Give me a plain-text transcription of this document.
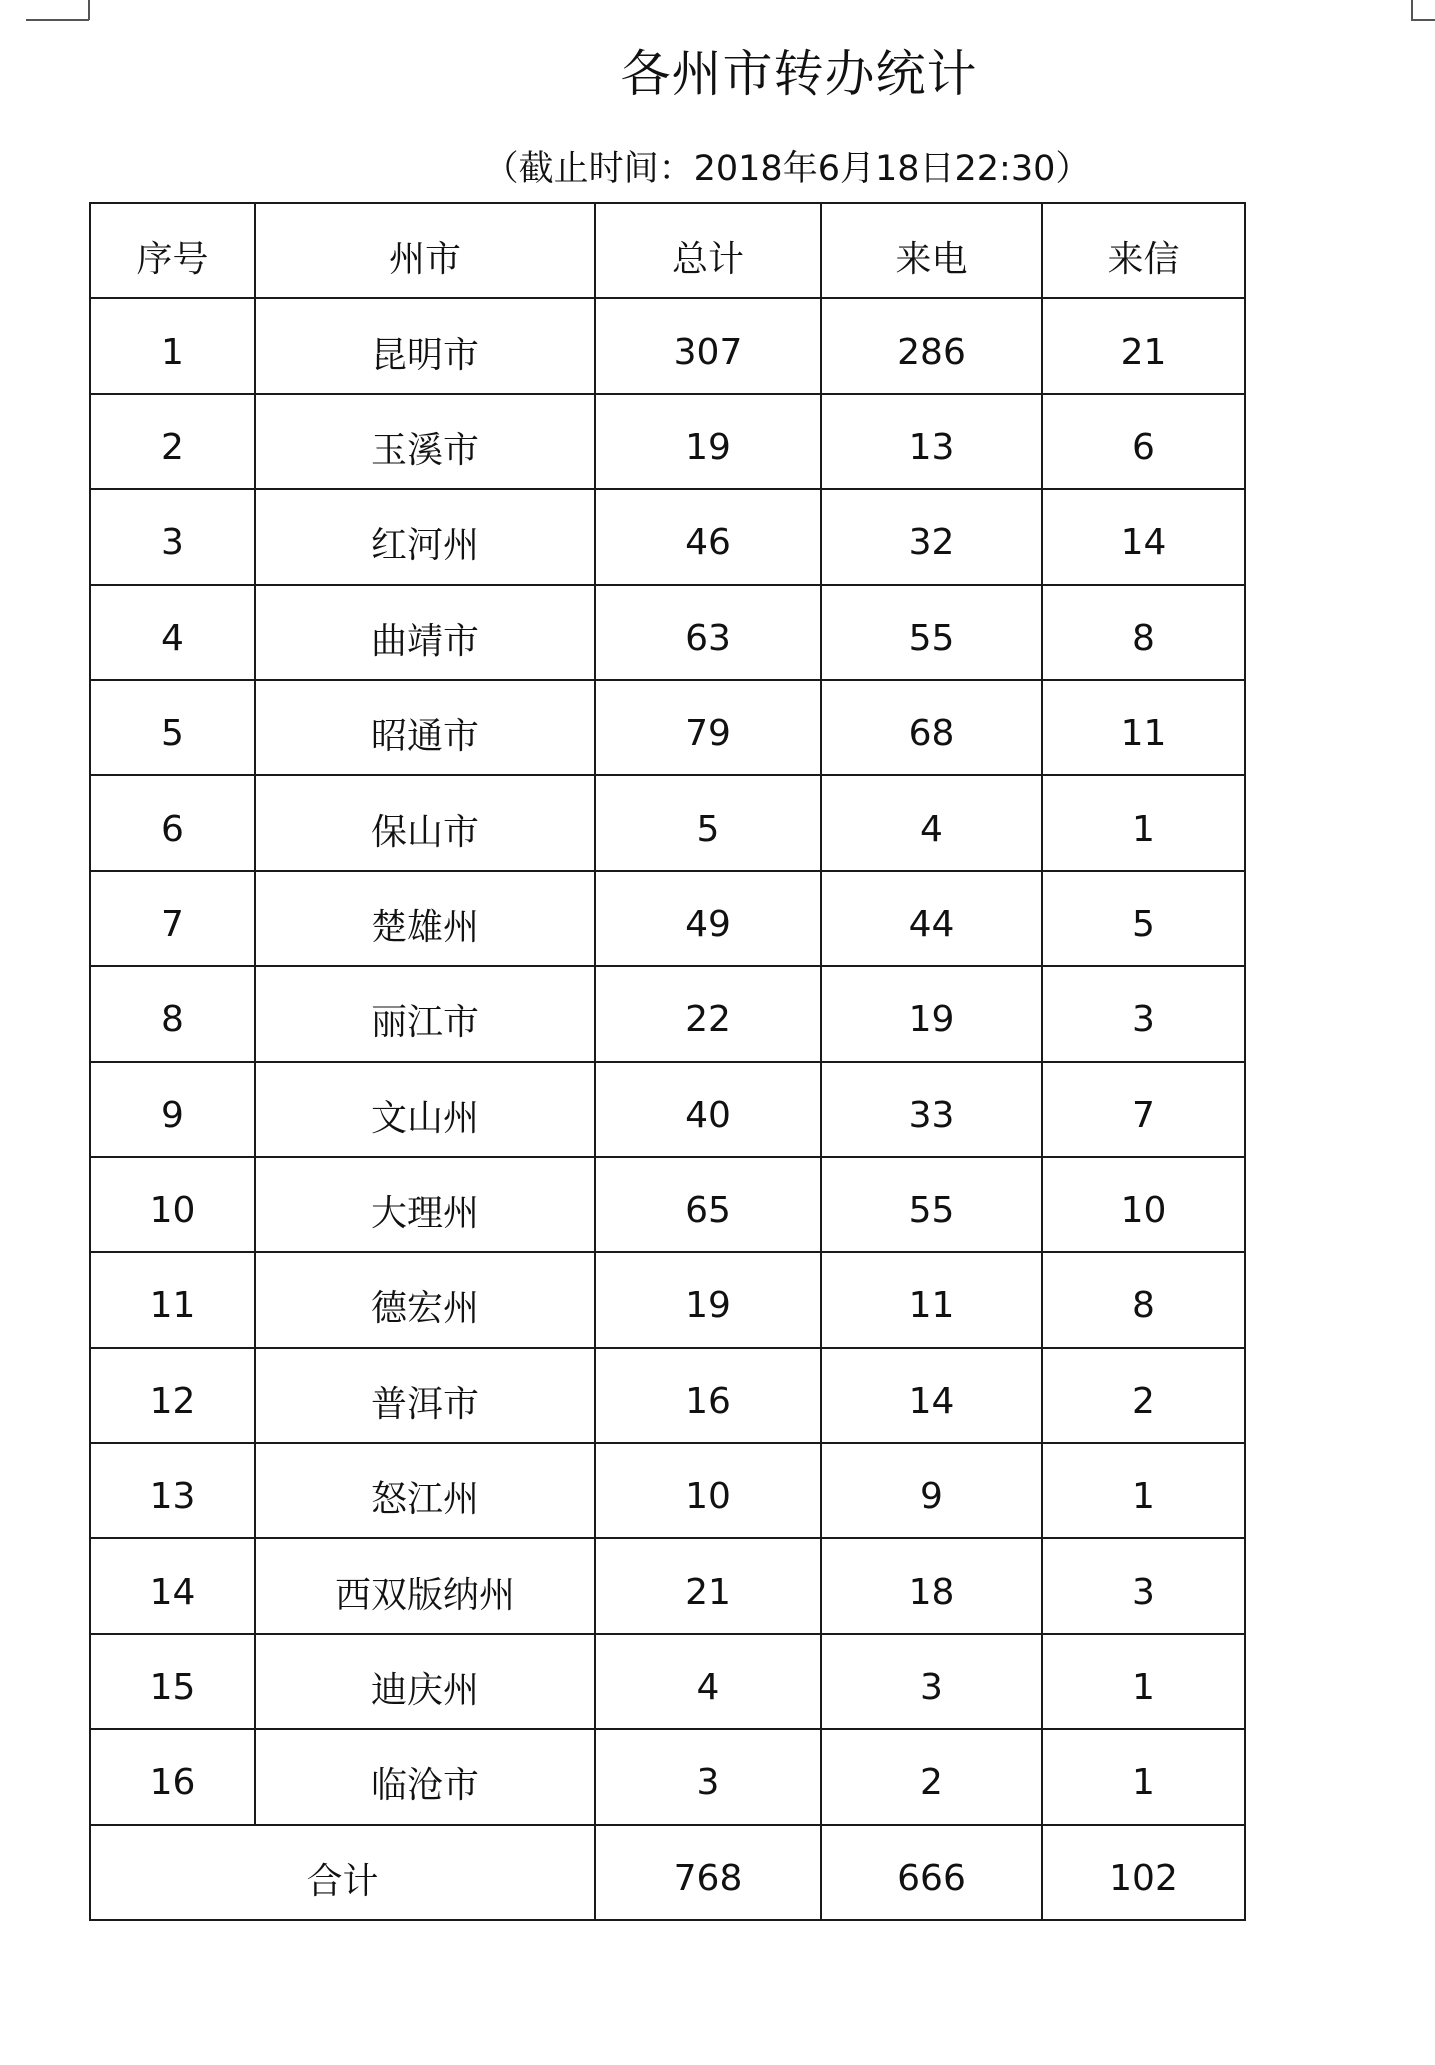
各州市转办统计
（截止时间：2018年6月18日22:30）
序号	州市	总计	来电	来信
1	昆明市	307	286	21
2	玉溪市	19	13	6
3	红河州	46	32	14
4	曲靖市	63	55	8
5	昭通市	79	68	11
6	保山市	5	4	1
7	楚雄州	49	44	5
8	丽江市	22	19	3
9	文山州	40	33	7
10	大理州	65	55	10
11	德宏州	19	11	8
12	普洱市	16	14	2
13	怒江州	10	9	1
14	西双版纳州	21	18	3
15	迪庆州	4	3	1
16	临沧市	3	2	1
合计		768	666	102
